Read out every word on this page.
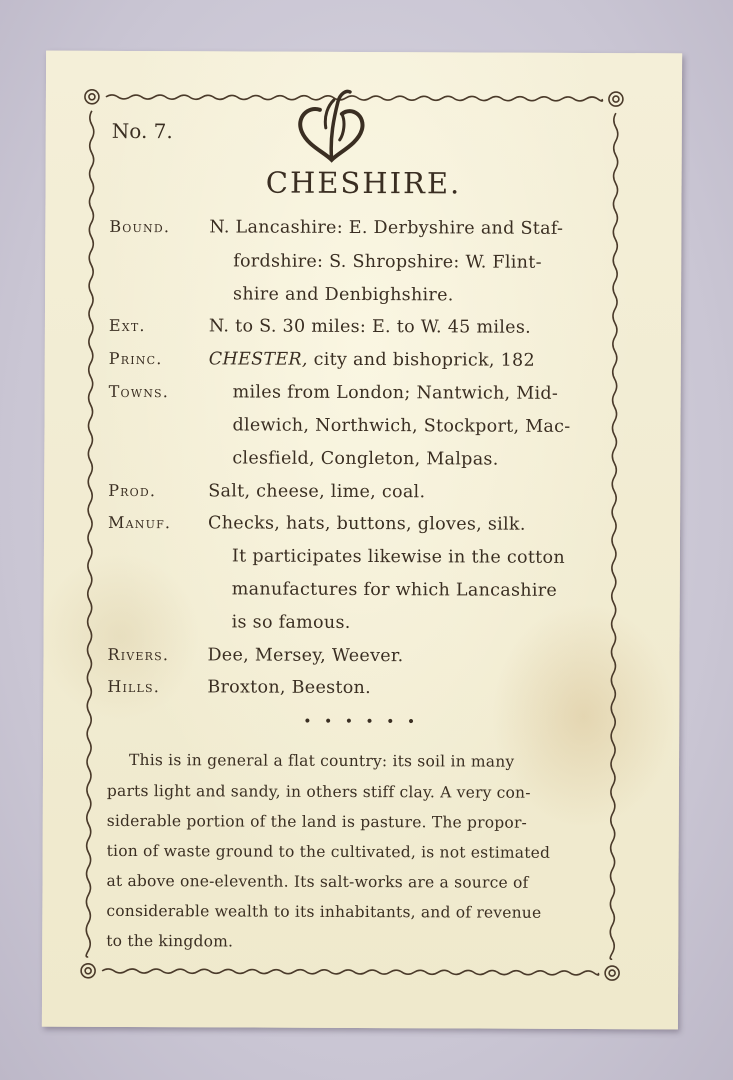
No. 7.
CHESHIRE.
Bound. N. Lancashire: E. Derbyshire and Staf-
fordshire: S. Shropshire: W. Flint-
shire and Denbighshire.
Ext.	N. to S. 30 miles: E. to W. 45 miles.
Princ.	CHESTER, city and bishoprick, 182
Towns.	miles from London; Nantwich, Mid-
dlewich, Northwich, Stockport, Mac-
clesfield, Congleton, Malpas.
Prod.	Salt, cheese, lime, coal.
Manuf. Checks, hats, buttons, gloves, silk.
It participates likewise in the cotton
manufactures for which Lancashire
is so famous.
Rivers. Dee, Mersey, Weever.
Hills.	Broxton, Beeston.
• • • • • •
This is in general a flat country: its soil in many
parts light and sandy, in others stiff clay. A very con-
siderable portion of the land is pasture. The propor-
tion of waste ground to the cultivated, is not estimated
at above one-eleventh. Its salt-works are a source of
considerable wealth to its inhabitants, and of revenue
to the kingdom.
